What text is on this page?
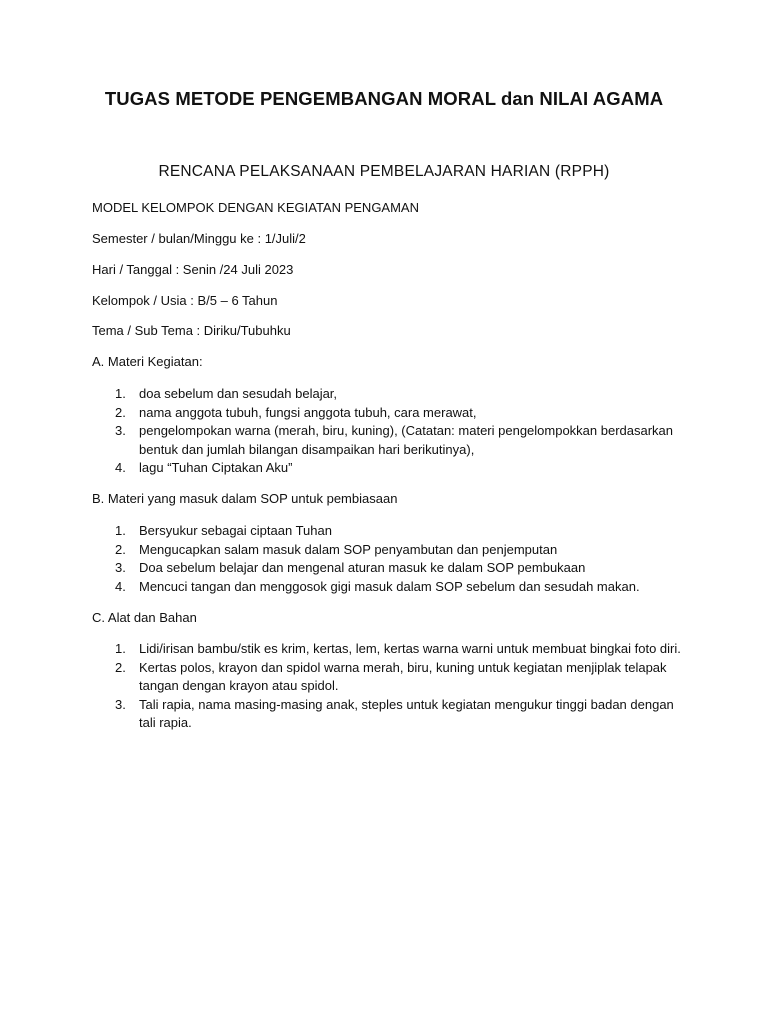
TUGAS METODE PENGEMBANGAN MORAL dan NILAI AGAMA
RENCANA PELAKSANAAN PEMBELAJARAN HARIAN (RPPH)
MODEL KELOMPOK DENGAN KEGIATAN PENGAMAN
Semester / bulan/Minggu ke : 1/Juli/2
Hari / Tanggal : Senin /24 Juli 2023
Kelompok / Usia : B/5 – 6 Tahun
Tema / Sub Tema : Diriku/Tubuhku
A. Materi Kegiatan:
1. doa sebelum dan sesudah belajar,
2. nama anggota tubuh, fungsi anggota tubuh, cara merawat,
3. pengelompokan warna (merah, biru, kuning), (Catatan: materi pengelompokkan berdasarkan bentuk dan jumlah bilangan disampaikan hari berikutinya),
4. lagu “Tuhan Ciptakan Aku”
B. Materi yang masuk dalam SOP untuk pembiasaan
1. Bersyukur sebagai ciptaan Tuhan
2. Mengucapkan salam masuk dalam SOP penyambutan dan penjemputan
3. Doa sebelum belajar dan mengenal aturan masuk ke dalam SOP pembukaan
4. Mencuci tangan dan menggosok gigi masuk dalam SOP sebelum dan sesudah makan.
C. Alat dan Bahan
1. Lidi/irisan bambu/stik es krim, kertas, lem, kertas warna warni untuk membuat bingkai foto diri.
2. Kertas polos, krayon dan spidol warna merah, biru, kuning untuk kegiatan menjiplak telapak tangan dengan krayon atau spidol.
3. Tali rapia, nama masing-masing anak, steples untuk kegiatan mengukur tinggi badan dengan tali rapia.
